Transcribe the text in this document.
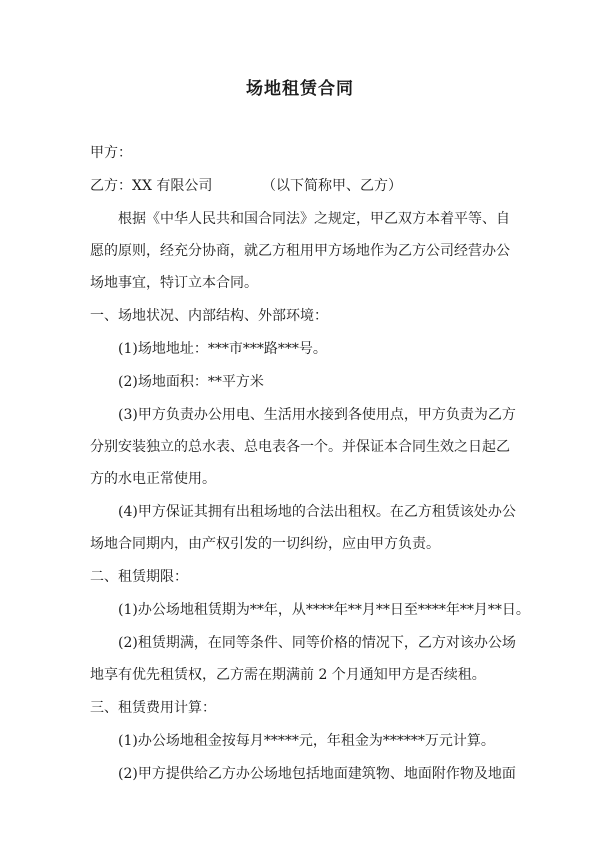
场地租赁合同
甲方：
乙方：XX 有限公司	（以下简称甲、乙方）
根据《中华人民共和国合同法》之规定，甲乙双方本着平等、自
愿的原则，经充分协商，就乙方租用甲方场地作为乙方公司经营办公
场地事宜，特订立本合同。
一、场地状况、内部结构、外部环境：
(1)场地地址：***市***路***号。
(2)场地面积：**平方米
(3)甲方负责办公用电、生活用水接到各使用点，甲方负责为乙方
分别安装独立的总水表、总电表各一个。并保证本合同生效之日起乙
方的水电正常使用。
(4)甲方保证其拥有出租场地的合法出租权。在乙方租赁该处办公
场地合同期内，由产权引发的一切纠纷，应由甲方负责。
二、租赁期限：
(1)办公场地租赁期为**年，从****年**月**日至****年**月**日。
(2)租赁期满，在同等条件、同等价格的情况下，乙方对该办公场
地享有优先租赁权，乙方需在期满前 2 个月通知甲方是否续租。
三、租赁费用计算：
(1)办公场地租金按每月*****元，年租金为******万元计算。
(2)甲方提供给乙方办公场地包括地面建筑物、地面附作物及地面
